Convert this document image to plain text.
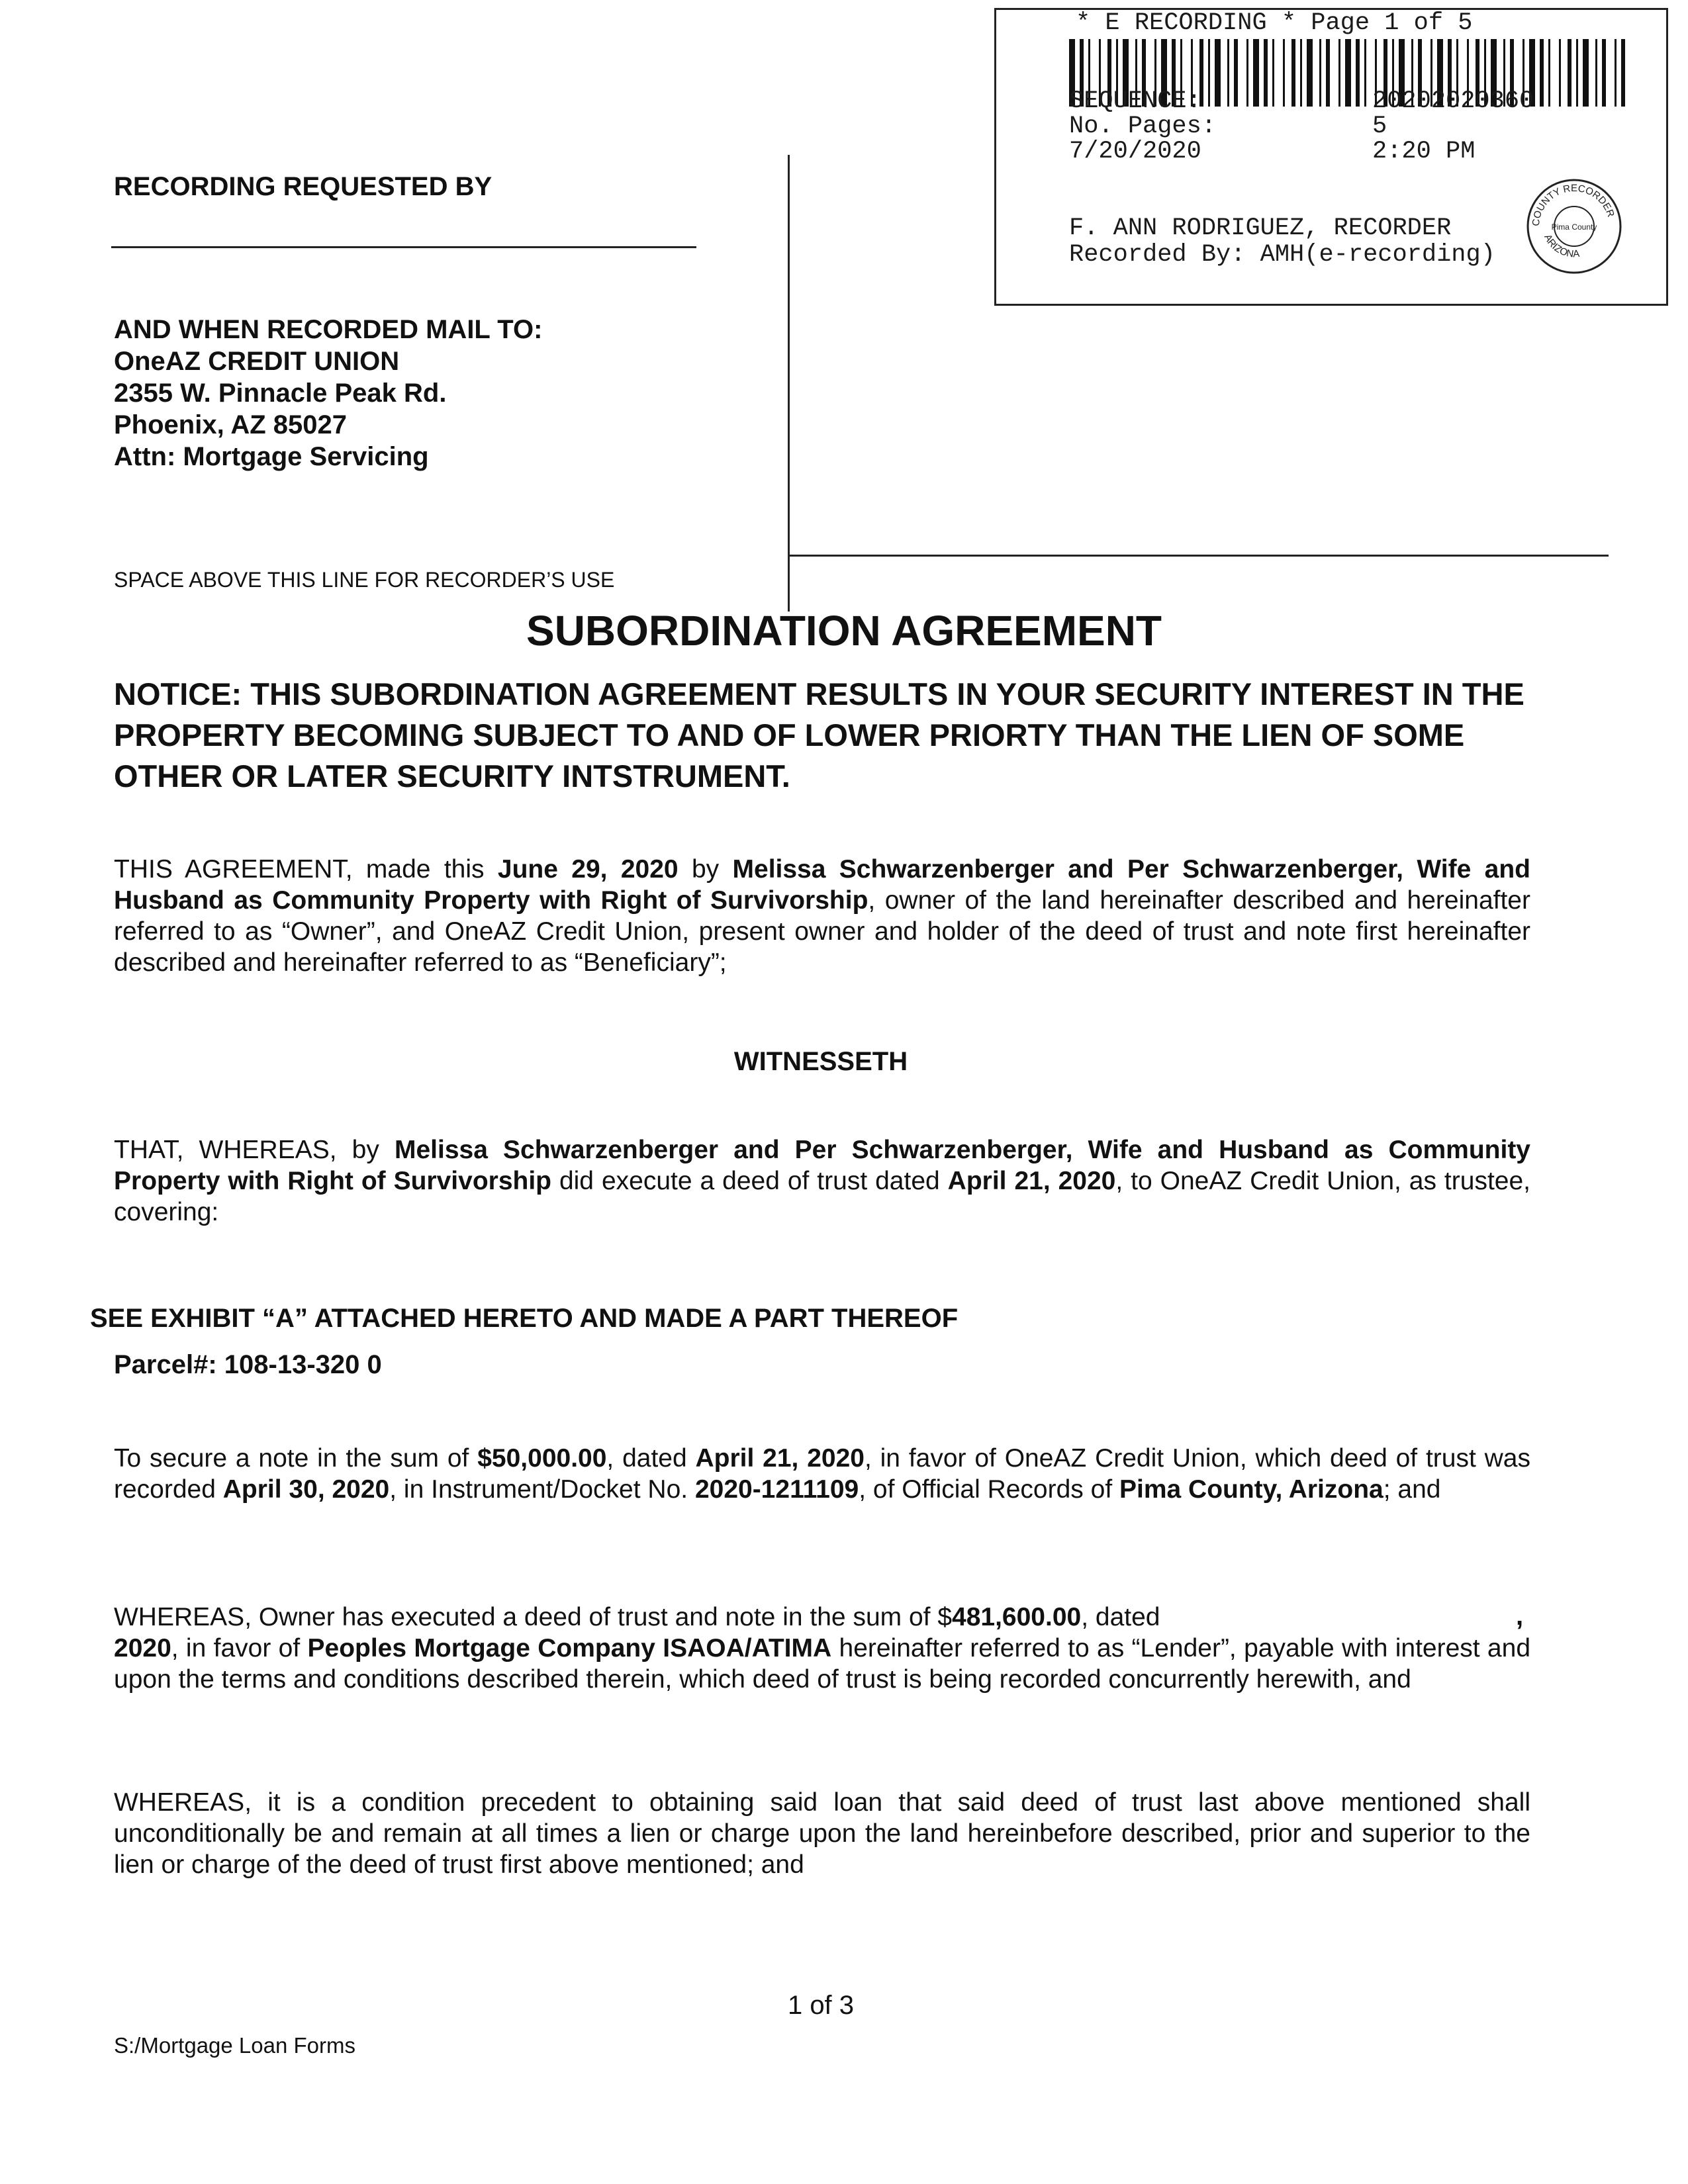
* E RECORDING * Page 1 of 5
SEQUENCE:	20202020360
No. Pages:	5
7/20/2020	2:20 PM
F. ANN RODRIGUEZ, RECORDER
Recorded By: AMH(e-recording)
COUNTY RECORDER
ARIZONA
Pima County
RECORDING REQUESTED BY
AND WHEN RECORDED MAIL TO:
OneAZ CREDIT UNION
2355 W. Pinnacle Peak Rd.
Phoenix, AZ 85027
Attn: Mortgage Servicing
SPACE ABOVE THIS LINE FOR RECORDER’S USE
SUBORDINATION AGREEMENT
NOTICE: THIS SUBORDINATION AGREEMENT RESULTS IN YOUR SECURITY INTEREST IN THE PROPERTY BECOMING SUBJECT TO AND OF LOWER PRIORTY THAN THE LIEN OF SOME OTHER OR LATER SECURITY INTSTRUMENT.
THIS AGREEMENT, made this June 29, 2020 by Melissa Schwarzenberger and Per Schwarzenberger, Wife and Husband as Community Property with Right of Survivorship, owner of the land hereinafter described and hereinafter referred to as “Owner”, and OneAZ Credit Union, present owner and holder of the deed of trust and note first hereinafter described and hereinafter referred to as “Beneficiary”;
WITNESSETH
THAT, WHEREAS, by Melissa Schwarzenberger and Per Schwarzenberger, Wife and Husband as Community Property with Right of Survivorship did execute a deed of trust dated April 21, 2020, to OneAZ Credit Union, as trustee, covering:
SEE EXHIBIT “A” ATTACHED HERETO AND MADE A PART THEREOF
Parcel#: 108-13-320 0
To secure a note in the sum of $50,000.00, dated April 21, 2020, in favor of OneAZ Credit Union, which deed of trust was recorded April 30, 2020, in Instrument/Docket No. 2020-1211109, of Official Records of Pima County, Arizona; and
WHEREAS, Owner has executed a deed of trust and note in the sum of $481,600.00, dated
2020, in favor of Peoples Mortgage Company ISAOA/ATIMA hereinafter referred to as “Lender”, payable with interest and upon the terms and conditions described therein, which deed of trust is being recorded concurrently herewith, and
,
WHEREAS, it is a condition precedent to obtaining said loan that said deed of trust last above mentioned shall unconditionally be and remain at all times a lien or charge upon the land hereinbefore described, prior and superior to the lien or charge of the deed of trust first above mentioned; and
1 of 3
S:/Mortgage Loan Forms
